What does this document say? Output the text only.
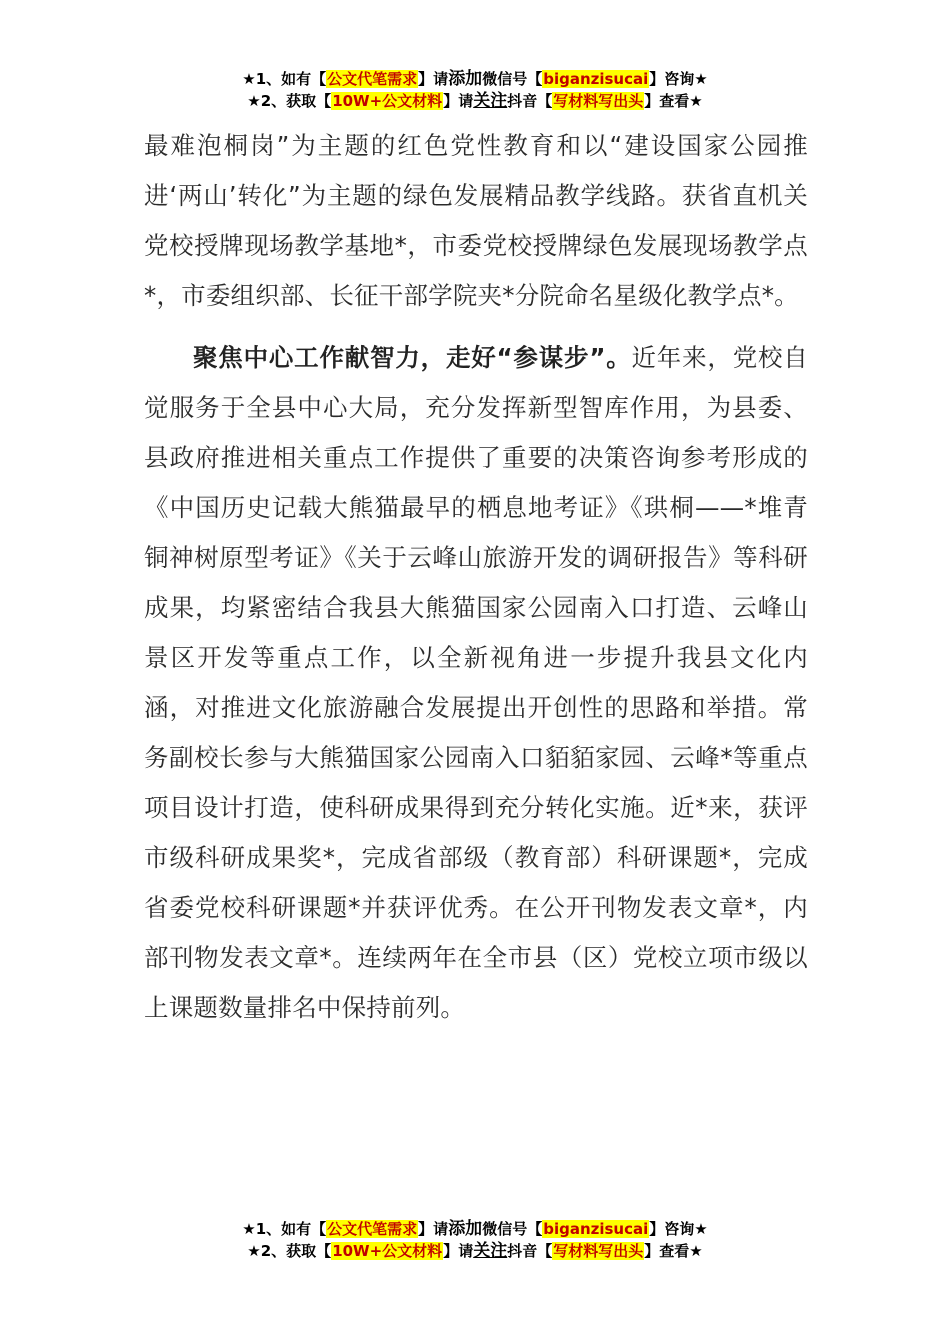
★1、如有【公文代笔需求】请添加微信号【biganzisucai】咨询★
★2、获取【10W+公文材料】请关注抖音【写材料写出头】查看★

最难泡桐岗”为主题的红色党性教育和以“建设国家公园推进‘两山’转化”为主题的绿色发展精品教学线路。获省直机关党校授牌现场教学基地*，市委党校授牌绿色发展现场教学点*，市委组织部、长征干部学院夹*分院命名星级化教学点*。

聚焦中心工作献智力，走好“参谋步”。近年来，党校自觉服务于全县中心大局，充分发挥新型智库作用，为县委、县政府推进相关重点工作提供了重要的决策咨询参考形成的《中国历史记载大熊猫最早的栖息地考证》《珙桐——*堆青铜神树原型考证》《关于云峰山旅游开发的调研报告》等科研成果，均紧密结合我县大熊猫国家公园南入口打造、云峰山景区开发等重点工作，以全新视角进一步提升我县文化内涵，对推进文化旅游融合发展提出开创性的思路和举措。常务副校长参与大熊猫国家公园南入口貊貊家园、云峰*等重点项目设计打造，使科研成果得到充分转化实施。近*来，获评市级科研成果奖*，完成省部级（教育部）科研课题*，完成省委党校科研课题*并获评优秀。在公开刊物发表文章*，内部刊物发表文章*。连续两年在全市县（区）党校立项市级以上课题数量排名中保持前列。

★1、如有【公文代笔需求】请添加微信号【biganzisucai】咨询★
★2、获取【10W+公文材料】请关注抖音【写材料写出头】查看★
